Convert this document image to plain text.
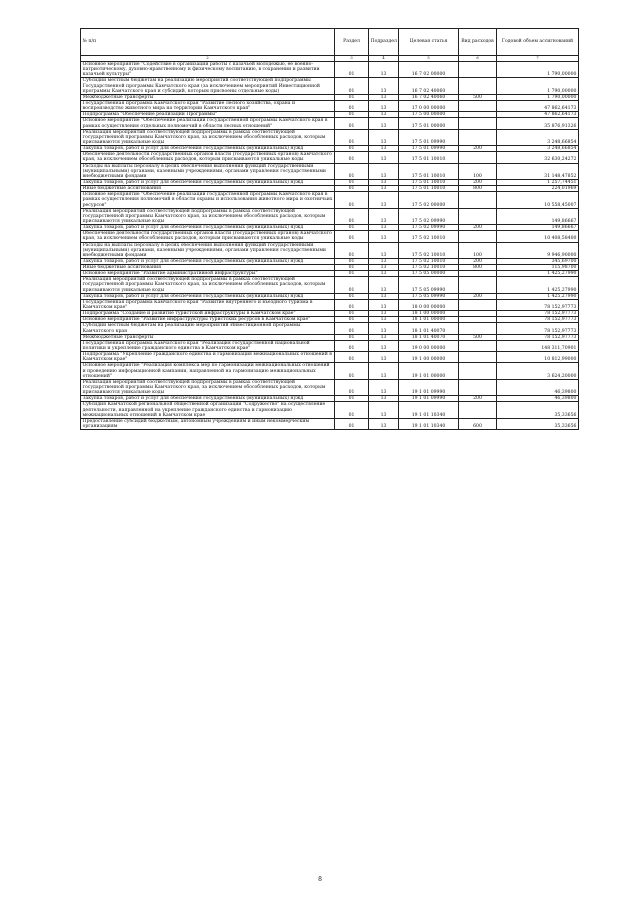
№ п/п	Раздел	Подраздел	Целевая статья	Вид расходов	Годовой объем ассигнований
	2	3	4	5	6	7
	Основное мероприятие "Содействие в организации работы с казачьей молодежью, ее военно-патриотическому, духовно-нравственному и физическому воспитанию, в сохранении и развитии казачьей культуры"	01	13	16 7 02 00000		1 790,00000
	Субсидии местным бюджетам на реализацию мероприятий соответствующей подпрограммы Государственной программы Камчатского края (за исключением мероприятий Инвестиционной программы Камчатского края и субсидий, которым присвоены отдельные коды)	01	13	16 7 02 40060		1 790,00000
	Межбюджетные трансферты	01	13	16 7 02 40060	500	1 790,00000
	Государственная программа Камчатского края "Развитие лесного хозяйства, охрана и воспроизводство животного мира на территории Камчатского края"	01	13	17 0 00 00000		47 862,64173
	Подпрограмма "Обеспечение реализации Программы"	01	13	17 5 00 00000		47 862,64173
	Основное мероприятие "Обеспечение реализации государственной программы Камчатского края в рамках осуществления отдельных полномочий в области лесных отношений"	01	13	17 5 01 00000		35 876,91326
	Реализация мероприятий соответствующей подпрограммы в рамках соответствующей государственной программы Камчатского края, за исключением обособленных расходов, которым присваиваются уникальные коды	01	13	17 5 01 09990		3 248,66854
	Закупка товаров, работ и услуг для обеспечения государственных (муниципальных) нужд	01	13	17 5 01 09990	200	3 248,66854
	Обеспечение деятельности государственных органов власти (государственных органов) Камчатского края, за исключением обособленных расходов, которым присваиваются уникальные коды	01	13	17 5 01 10010		32 630,24272
	Расходы на выплаты персоналу в целях обеспечения выполнения функций государственными (муниципальными) органами, казенными учреждениями, органами управления государственными внебюджетными фондами	01	13	17 5 01 10010	100	31 148,47852
	Закупка товаров, работ и услуг для обеспечения государственных (муниципальных) нужд	01	13	17 5 01 10010	200	1 257,74451
	Иные бюджетные ассигнования	01	13	17 5 01 10010	800	224,01969
	Основное мероприятие "Обеспечение реализации государственной программы Камчатского края в рамках осуществления полномочий в области охраны и использования животного мира и охотничьих ресурсов"	01	13	17 5 02 00000		10 558,45007
	Реализация мероприятий соответствующей подпрограммы в рамках соответствующей государственной программы Камчатского края, за исключением обособленных расходов, которым присваиваются уникальные коды	01	13	17 5 02 09990		149,86667
	Закупка товаров, работ и услуг для обеспечения государственных (муниципальных) нужд	01	13	17 5 02 09990	200	149,86667
	Обеспечение деятельности государственных органов власти (государственных органов) Камчатского края, за исключением обособленных расходов, которым присваиваются уникальные коды	01	13	17 5 02 10010		10 408,58400
	Расходы на выплаты персоналу в целях обеспечения выполнения функций государственными (муниципальными) органами, казенными учреждениями, органами управления государственными внебюджетными фондами	01	13	17 5 02 10010	100	9 946,90000
	Закупка товаров, работ и услуг для обеспечения государственных (муниципальных) нужд	01	13	17 5 02 10010	200	345,69700
	Иные бюджетные ассигнования	01	13	17 5 02 10010	800	115,98700
	Основное мероприятие "Развитие административной инфраструктуры"	01	13	17 5 05 00000		1 425,27990
	Реализация мероприятий соответствующей подпрограммы в рамках соответствующей государственной программы Камчатского края, за исключением обособленных расходов, которым присваиваются уникальные коды	01	13	17 5 05 09990		1 425,27990
	Закупка товаров, работ и услуг для обеспечения государственных (муниципальных) нужд	01	13	17 5 05 09990	200	1 425,27990
	Государственная программа Камчатского края "Развитие внутреннего и въездного туризма в Камчатском крае"	01	13	18 0 00 00000		78 152,97773
	Подпрограмма "Создание и развитие туристской инфраструктуры в Камчатском крае"	01	13	18 1 00 00000		78 152,97773
	Основное мероприятие "Развитие инфраструктуры туристских ресурсов в Камчатском крае"	01	13	18 1 01 00000		78 152,97773
	Субсидии местным бюджетам на реализацию мероприятий Инвестиционной программы Камчатского края	01	13	18 1 01 40070		78 152,97773
	Межбюджетные трансферты	01	13	18 1 01 40070	500	78 152,97773
	Государственная программа Камчатского края "Реализация государственной национальной политики и укрепление гражданского единства в Камчатском крае"	01	13	19 0 00 00000		148 311,70901
	Подпрограмма "Укрепление гражданского единства и гармонизация межнациональных отношений в Камчатском крае"	01	13	19 1 00 00000		10 812,99000
	Основное мероприятие "Реализация комплекса мер по гармонизации межнациональных отношений и проведению информационной кампании, направленной на гармонизацию межнациональных отношений"	01	13	19 1 01 00000		3 624,20000
	Реализация мероприятий соответствующей подпрограммы в рамках соответствующей государственной программы Камчатского края, за исключением обособленных расходов, которым присваиваются уникальные коды	01	13	19 1 01 09990		46,39800
	Закупка товаров, работ и услуг для обеспечения государственных (муниципальных) нужд	01	13	19 1 01 09990	200	46,39800
	Субсидия Камчатской региональной общественной организации "Содружество" на осуществление деятельности, направленной на укрепление гражданского единства и гармонизацию межнациональных отношений в Камчатском крае	01	13	19 1 01 10340		35,33656
	Предоставление субсидий бюджетным, автономным учреждениям и иным некоммерческим организациям	01	13	19 1 01 10340	600	35,33656
8
